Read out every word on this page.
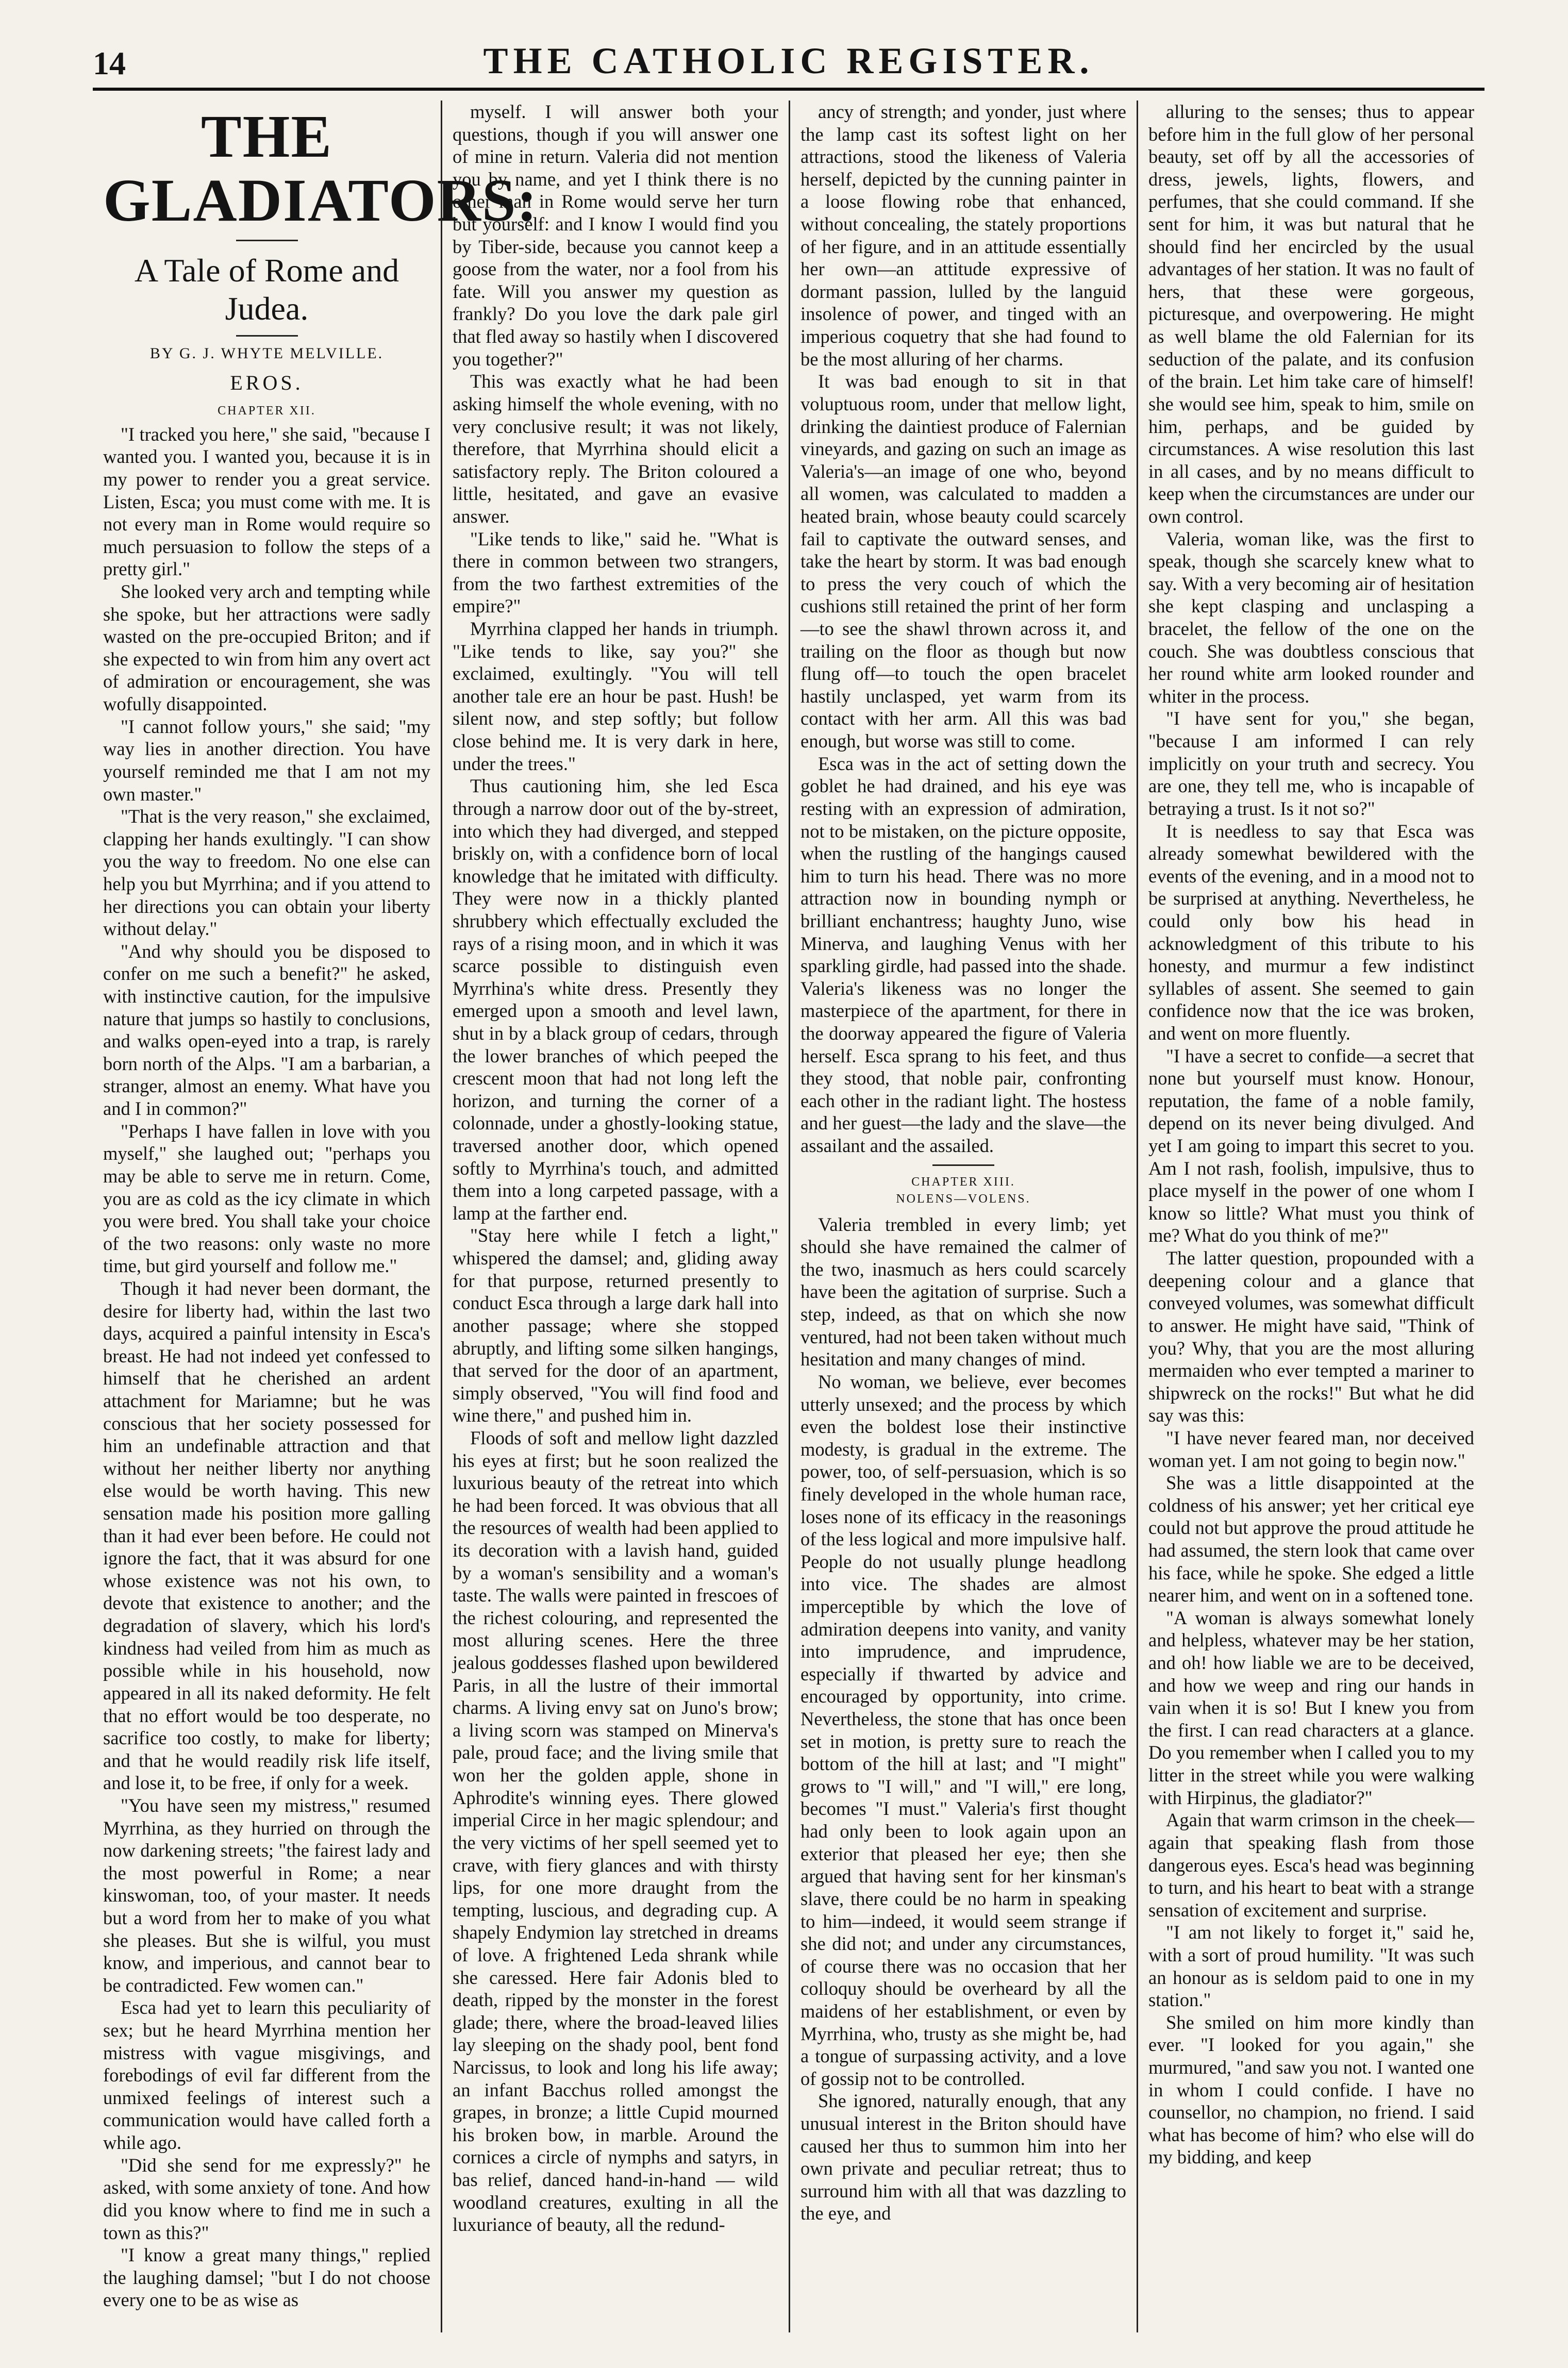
14	THE CATHOLIC REGISTER.
THE GLADIATORS:
A Tale of Rome and Judea.
BY G. J. WHYTE MELVILLE.
EROS.
CHAPTER XII.

"I tracked you here," she said, "because I wanted you. I wanted you, because it is in my power to render you a great service. Listen, Esca; you must come with me. It is not every man in Rome would require so much persuasion to follow the steps of a pretty girl."

She looked very arch and tempting while she spoke, but her attractions were sadly wasted on the pre-occupied Briton; and if she expected to win from him any overt act of admiration or encouragement, she was wofully disappointed.

"I cannot follow yours," she said; "my way lies in another direction. You have yourself reminded me that I am not my own master."

"That is the very reason," she exclaimed, clapping her hands exultingly. "I can show you the way to freedom. No one else can help you but Myrrhina; and if you attend to her directions you can obtain your liberty without delay."

"And why should you be disposed to confer on me such a benefit?" he asked, with instinctive caution, for the impulsive nature that jumps so hastily to conclusions, and walks open-eyed into a trap, is rarely born north of the Alps. "I am a barbarian, a stranger, almost an enemy. What have you and I in common?"

"Perhaps I have fallen in love with you myself," she laughed out; "perhaps you may be able to serve me in return. Come, you are as cold as the icy climate in which you were bred. You shall take your choice of the two reasons: only waste no more time, but gird yourself and follow me."

Though it had never been dormant, the desire for liberty had, within the last two days, acquired a painful intensity in Esca's breast. He had not indeed yet confessed to himself that he cherished an ardent attachment for Mariamne; but he was conscious that her society possessed for him an undefinable attraction and that without her neither liberty nor anything else would be worth having. This new sensation made his position more galling than it had ever been before. He could not ignore the fact, that it was absurd for one whose existence was not his own, to devote that existence to another; and the degradation of slavery, which his lord's kindness had veiled from him as much as possible while in his household, now appeared in all its naked deformity. He felt that no effort would be too desperate, no sacrifice too costly, to make for liberty; and that he would readily risk life itself, and lose it, to be free, if only for a week.

"You have seen my mistress," resumed Myrrhina, as they hurried on through the now darkening streets; "the fairest lady and the most powerful in Rome; a near kinswoman, too, of your master. It needs but a word from her to make of you what she pleases. But she is wilful, you must know, and imperious, and cannot bear to be contradicted. Few women can."

Esca had yet to learn this peculiarity of sex; but he heard Myrrhina mention her mistress with vague misgivings, and forebodings of evil far different from the unmixed feelings of interest such a communication would have called forth a while ago.

"Did she send for me expressly?" he asked, with some anxiety of tone. And how did you know where to find me in such a town as this?"

"I know a great many things," replied the laughing damsel; "but I do not choose every one to be as wise as

myself. I will answer both your questions, though if you will answer one of mine in return. Valeria did not mention you by name, and yet I think there is no other man in Rome would serve her turn but yourself: and I know I would find you by Tiber-side, because you cannot keep a goose from the water, nor a fool from his fate. Will you answer my question as frankly? Do you love the dark pale girl that fled away so hastily when I discovered you together?"

This was exactly what he had been asking himself the whole evening, with no very conclusive result; it was not likely, therefore, that Myrrhina should elicit a satisfactory reply. The Briton coloured a little, hesitated, and gave an evasive answer.

"Like tends to like," said he. "What is there in common between two strangers, from the two farthest extremities of the empire?"

Myrrhina clapped her hands in triumph. "Like tends to like, say you?" she exclaimed, exultingly. "You will tell another tale ere an hour be past. Hush! be silent now, and step softly; but follow close behind me. It is very dark in here, under the trees."

Thus cautioning him, she led Esca through a narrow door out of the by-street, into which they had diverged, and stepped briskly on, with a confidence born of local knowledge that he imitated with difficulty. They were now in a thickly planted shrubbery which effectually excluded the rays of a rising moon, and in which it was scarce possible to distinguish even Myrrhina's white dress. Presently they emerged upon a smooth and level lawn, shut in by a black group of cedars, through the lower branches of which peeped the crescent moon that had not long left the horizon, and turning the corner of a colonnade, under a ghostly-looking statue, traversed another door, which opened softly to Myrrhina's touch, and admitted them into a long carpeted passage, with a lamp at the farther end.

"Stay here while I fetch a light," whispered the damsel; and, gliding away for that purpose, returned presently to conduct Esca through a large dark hall into another passage; where she stopped abruptly, and lifting some silken hangings, that served for the door of an apartment, simply observed, "You will find food and wine there," and pushed him in.

Floods of soft and mellow light dazzled his eyes at first; but he soon realized the luxurious beauty of the retreat into which he had been forced. It was obvious that all the resources of wealth had been applied to its decoration with a lavish hand, guided by a woman's sensibility and a woman's taste. The walls were painted in frescoes of the richest colouring, and represented the most alluring scenes. Here the three jealous goddesses flashed upon bewildered Paris, in all the lustre of their immortal charms. A living envy sat on Juno's brow; a living scorn was stamped on Minerva's pale, proud face; and the living smile that won her the golden apple, shone in Aphrodite's winning eyes. There glowed imperial Circe in her magic splendour; and the very victims of her spell seemed yet to crave, with fiery glances and with thirsty lips, for one more draught from the tempting, luscious, and degrading cup. A shapely Endymion lay stretched in dreams of love. A frightened Leda shrank while she caressed. Here fair Adonis bled to death, ripped by the monster in the forest glade; there, where the broad-leaved lilies lay sleeping on the shady pool, bent fond Narcissus, to look and long his life away; an infant Bacchus rolled amongst the grapes, in bronze; a little Cupid mourned his broken bow, in marble. Around the cornices a circle of nymphs and satyrs, in bas relief, danced hand-in-hand — wild woodland creatures, exulting in all the luxuriance of beauty, all the redund-

ancy of strength; and yonder, just where the lamp cast its softest light on her attractions, stood the likeness of Valeria herself, depicted by the cunning painter in a loose flowing robe that enhanced, without concealing, the stately proportions of her figure, and in an attitude essentially her own—an attitude expressive of dormant passion, lulled by the languid insolence of power, and tinged with an imperious coquetry that she had found to be the most alluring of her charms.

It was bad enough to sit in that voluptuous room, under that mellow light, drinking the daintiest produce of Falernian vineyards, and gazing on such an image as Valeria's—an image of one who, beyond all women, was calculated to madden a heated brain, whose beauty could scarcely fail to captivate the outward senses, and take the heart by storm. It was bad enough to press the very couch of which the cushions still retained the print of her form—to see the shawl thrown across it, and trailing on the floor as though but now flung off—to touch the open bracelet hastily unclasped, yet warm from its contact with her arm. All this was bad enough, but worse was still to come.

Esca was in the act of setting down the goblet he had drained, and his eye was resting with an expression of admiration, not to be mistaken, on the picture opposite, when the rustling of the hangings caused him to turn his head. There was no more attraction now in bounding nymph or brilliant enchantress; haughty Juno, wise Minerva, and laughing Venus with her sparkling girdle, had passed into the shade. Valeria's likeness was no longer the masterpiece of the apartment, for there in the doorway appeared the figure of Valeria herself. Esca sprang to his feet, and thus they stood, that noble pair, confronting each other in the radiant light. The hostess and her guest—the lady and the slave—the assailant and the assailed.

CHAPTER XIII.
NOLENS—VOLENS.

Valeria trembled in every limb; yet should she have remained the calmer of the two, inasmuch as hers could scarcely have been the agitation of surprise. Such a step, indeed, as that on which she now ventured, had not been taken without much hesitation and many changes of mind.

No woman, we believe, ever becomes utterly unsexed; and the process by which even the boldest lose their instinctive modesty, is gradual in the extreme. The power, too, of self-persuasion, which is so finely developed in the whole human race, loses none of its efficacy in the reasonings of the less logical and more impulsive half. People do not usually plunge headlong into vice. The shades are almost imperceptible by which the love of admiration deepens into vanity, and vanity into imprudence, and imprudence, especially if thwarted by advice and encouraged by opportunity, into crime. Nevertheless, the stone that has once been set in motion, is pretty sure to reach the bottom of the hill at last; and "I might" grows to "I will," and "I will," ere long, becomes "I must." Valeria's first thought had only been to look again upon an exterior that pleased her eye; then she argued that having sent for her kinsman's slave, there could be no harm in speaking to him—indeed, it would seem strange if she did not; and under any circumstances, of course there was no occasion that her colloquy should be overheard by all the maidens of her establishment, or even by Myrrhina, who, trusty as she might be, had a tongue of surpassing activity, and a love of gossip not to be controlled.

She ignored, naturally enough, that any unusual interest in the Briton should have caused her thus to summon him into her own private and peculiar retreat; thus to surround him with all that was dazzling to the eye, and

alluring to the senses; thus to appear before him in the full glow of her personal beauty, set off by all the accessories of dress, jewels, lights, flowers, and perfumes, that she could command. If she sent for him, it was but natural that he should find her encircled by the usual advantages of her station. It was no fault of hers, that these were gorgeous, picturesque, and overpowering. He might as well blame the old Falernian for its seduction of the palate, and its confusion of the brain. Let him take care of himself! she would see him, speak to him, smile on him, perhaps, and be guided by circumstances. A wise resolution this last in all cases, and by no means difficult to keep when the circumstances are under our own control.

Valeria, woman like, was the first to speak, though she scarcely knew what to say. With a very becoming air of hesitation she kept clasping and unclasping a bracelet, the fellow of the one on the couch. She was doubtless conscious that her round white arm looked rounder and whiter in the process.

"I have sent for you," she began, "because I am informed I can rely implicitly on your truth and secrecy. You are one, they tell me, who is incapable of betraying a trust. Is it not so?"

It is needless to say that Esca was already somewhat bewildered with the events of the evening, and in a mood not to be surprised at anything. Nevertheless, he could only bow his head in acknowledgment of this tribute to his honesty, and murmur a few indistinct syllables of assent. She seemed to gain confidence now that the ice was broken, and went on more fluently.

"I have a secret to confide—a secret that none but yourself must know. Honour, reputation, the fame of a noble family, depend on its never being divulged. And yet I am going to impart this secret to you. Am I not rash, foolish, impulsive, thus to place myself in the power of one whom I know so little? What must you think of me? What do you think of me?"

The latter question, propounded with a deepening colour and a glance that conveyed volumes, was somewhat difficult to answer. He might have said, "Think of you? Why, that you are the most alluring mermaiden who ever tempted a mariner to shipwreck on the rocks!" But what he did say was this:

"I have never feared man, nor deceived woman yet. I am not going to begin now."

She was a little disappointed at the coldness of his answer; yet her critical eye could not but approve the proud attitude he had assumed, the stern look that came over his face, while he spoke. She edged a little nearer him, and went on in a softened tone.

"A woman is always somewhat lonely and helpless, whatever may be her station, and oh! how liable we are to be deceived, and how we weep and ring our hands in vain when it is so! But I knew you from the first. I can read characters at a glance. Do you remember when I called you to my litter in the street while you were walking with Hirpinus, the gladiator?"

Again that warm crimson in the cheek—again that speaking flash from those dangerous eyes. Esca's head was beginning to turn, and his heart to beat with a strange sensation of excitement and surprise.

"I am not likely to forget it," said he, with a sort of proud humility. "It was such an honour as is seldom paid to one in my station."

She smiled on him more kindly than ever. "I looked for you again," she murmured, "and saw you not. I wanted one in whom I could confide. I have no counsellor, no champion, no friend. I said what has become of him? who else will do my bidding, and keep
